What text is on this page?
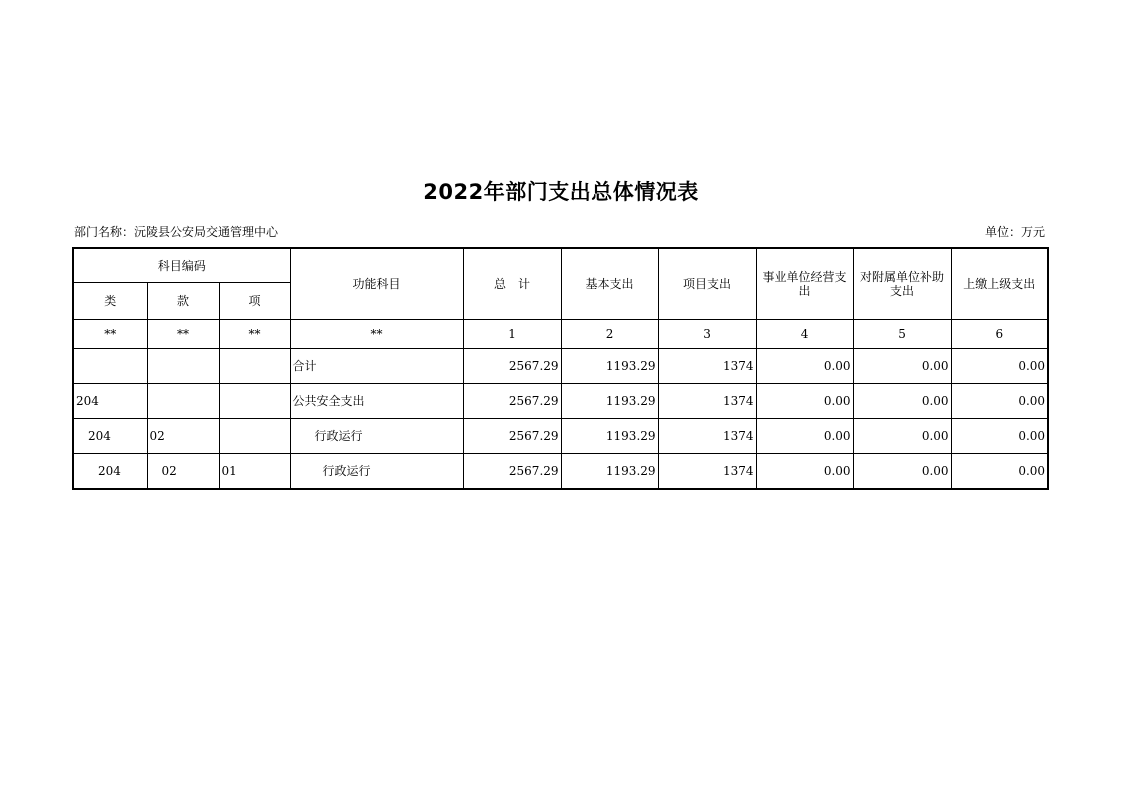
2022年部门支出总体情况表
部门名称：沅陵县公安局交通管理中心	单位：万元
科目编码			功能科目	总　计	基本支出	项目支出	事业单位经营支出	对附属单位补助支出	上缴上级支出
类	款	项							
**	**	**	**	1	2	3	4	5	6
			合计	2567.29	1193.29	1374	0.00	0.00	0.00
204			公共安全支出	2567.29	1193.29	1374	0.00	0.00	0.00
204	02		行政运行	2567.29	1193.29	1374	0.00	0.00	0.00
204	02	01	行政运行	2567.29	1193.29	1374	0.00	0.00	0.00
